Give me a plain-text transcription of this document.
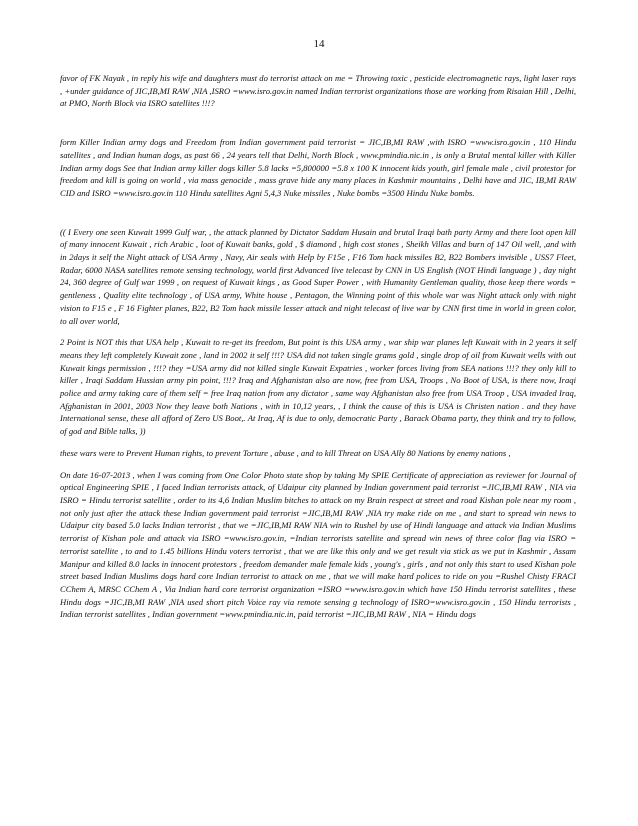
14

favor of FK Nayak , in reply his wife and daughters must do terrorist attack on me = Throwing toxic , pesticide electromagnetic rays, light laser rays , +under guidance of JIC,IB,MI RAW ,NIA ,ISRO =www.isro.gov.in named Indian terrorist organizations those are working from Risaian Hill , Delhi, at PMO, North Block via ISRO satellites !!!?

form Killer Indian army dogs and Freedom from Indian government paid terrorist = JIC,IB,MI RAW ,with ISRO =www.isro.gov.in , 110 Hindu satellites , and Indian human dogs, as past 66 , 24 years tell that Delhi, North Block , www.pmindia.nic.in , is only a Brutal mental killer with Killer Indian army dogs See that Indian army killer dogs killer 5.8 lacks =5,800000 =5.8 x 100 K innocent kids youth, girl female male , civil protestor for freedom and kill is going on world , via mass genocide , mass grave hide any many places in Kashmir mountains , Delhi have and JIC, IB,MI RAW CID and ISRO =www.isro.gov.in 110 Hindu satellites Agni 5,4,3 Nuke missiles , Nuke bombs =3500 Hindu Nuke bombs.

(( I Every one seen Kuwait 1999 Gulf war, , the attack planned by Dictator Saddam Husain and brutal Iraqi bath party Army and there loot open kill of many innocent Kuwait , rich Arabic , loot of Kuwait banks, gold , $ diamond , high cost stones , Sheikh Villas and burn of 147 Oil well, ,and with in 2days it self the Night attack of USA Army , Navy, Air seals with Help by F15e , F16 Tom hack missiles B2, B22 Bombers invisible , USS7 Fleet, Radar, 6000 NASA satellites remote sensing technology, world first Advanced live telecast by CNN in US English (NOT Hindi language ) , day night 24, 360 degree of Gulf war 1999 , on request of Kuwait kings , as Good Super Power , with Humanity Gentleman quality, those keep there words = gentleness , Quality elite technology , of USA army, White house , Pentagon, the Winning point of this whole war was Night attack only with night vision to F15 e , F 16 Fighter planes, B22, B2 Tom hack missile lesser attack and night telecast of live war by CNN first time in world in green color, to all over world,

2 Point is NOT this that USA help , Kuwait to re-get its freedom, But point is this USA army , war ship war planes left Kuwait with in 2 years it self means they left completely Kuwait zone , land in 2002 it self !!!? USA did not taken single grams gold , single drop of oil from Kuwait wells with out Kuwait kings permission , !!!? they =USA army did not killed single Kuwait Expatries , worker forces living from SEA nations !!!? they only kill to killer , Iraqi Saddam Hussian army pin point, !!!? Iraq and Afghanistan also are now, free from USA, Troops , No Boot of USA, is there now, Iraqi police and army taking care of them self = free Iraq nation from any dictator , same way Afghanistan also free from USA Troop , USA invaded Iraq, Afghanistan in 2001, 2003 Now they leave both Nations , with in 10,12 years, , I think the cause of this is USA is Christen nation . and they have International sense, these all afford of Zero US Boot,. At Iraq, Af is due to only, democratic Party , Barack Obama party, they think and try to follow, of god and Bible talks, ))

these wars were to Prevent Human rights, to prevent Torture , abuse , and to kill Threat on USA Ally 80 Nations by enemy nations ,

On date 16-07-2013 , when I was coming from One Color Photo state shop by taking My SPIE Certificate of appreciation as reviewer for Journal of optical Engineering SPIE , I faced Indian terrorists attack, of Udaipur city planned by Indian government paid terrorist =JIC,IB,MI RAW , NIA via ISRO = Hindu terrorist satellite , order to its 4,6 Indian Muslim bitches to attack on my Brain respect at street and road Kishan pole near my room , not only just after the attack these Indian government paid terrorist =JIC,IB,MI RAW ,NIA try make ride on me , and start to spread win news to Udaipur city based 5.0 lacks Indian terrorist , that we =JIC,IB,MI RAW NIA win to Rushel by use of Hindi language and attack via Indian Muslims terrorist of Kishan pole and attack via ISRO =www.isro.gov.in, =Indian terrorists satellite and spread win news of three color flag via ISRO = terrorist satellite , to and to 1.45 billions Hindu voters terrorist , that we are like this only and we get result via stick as we put in Kashmir , Assam Manipur and killed 8.0 lacks in innocent protestors , freedom demander male female kids , young's , girls , and not only this start to used Kishan pole street based Indian Muslims dogs hard core Indian terrorist to attack on me , that we will make hard polices to ride on you =Rushel Chisty FRACI CChem A, MRSC CChem A , Via Indian hard core terrorist organization =ISRO =www.isro.gov.in which have 150 Hindu terrorist satellites , these Hindu dogs =JIC,IB,MI RAW ,NIA used short pitch Voice ray via remote sensing g technology of ISRO=www.isro.gov.in , 150 Hindu terrorists , Indian terrorist satellites , Indian government =www.pmindia.nic.in, paid terrorist =JIC,IB,MI RAW , NIA = Hindu dogs
